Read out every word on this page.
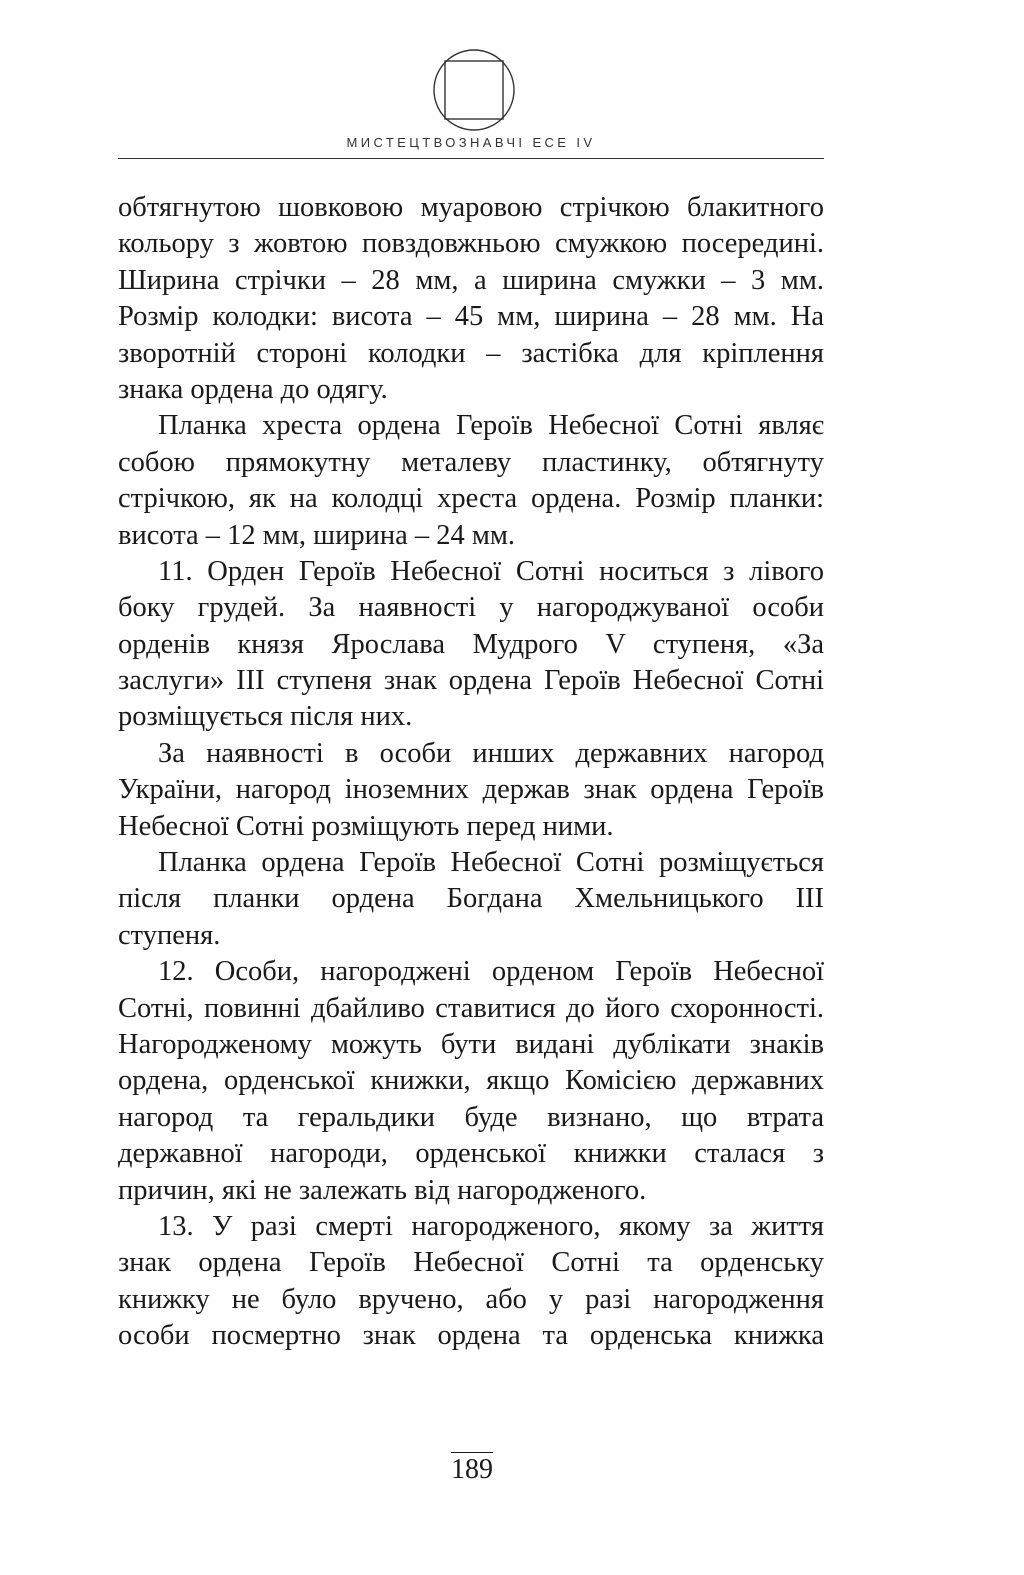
МИСТЕЦТВОЗНАВЧІ ЕСЕ IV
обтягнутою шовковою муаровою стрічкою блакитного
кольору з жовтою повздовжньою смужкою посередині.
Ширина стрічки – 28 мм, а ширина смужки – 3 мм.
Розмір колодки: висота – 45 мм, ширина – 28 мм. На
зворотній стороні колодки – застібка для кріплення
знака ордена до одягу.
Планка хреста ордена Героїв Небесної Сотні являє
собою прямокутну металеву пластинку, обтягнуту
стрічкою, як на колодці хреста ордена. Розмір планки:
висота – 12 мм, ширина – 24 мм.
11. Орден Героїв Небесної Сотні носиться з лівого
боку грудей. За наявності у нагороджуваної особи
орденів князя Ярослава Мудрого V ступеня, «За
заслуги» III ступеня знак ордена Героїв Небесної Сотні
розміщується після них.
За наявності в особи инших державних нагород
України, нагород іноземних держав знак ордена Героїв
Небесної Сотні розміщують перед ними.
Планка ордена Героїв Небесної Сотні розміщується
після планки ордена Богдана Хмельницького III
ступеня.
12. Особи, нагороджені орденом Героїв Небесної
Сотні, повинні дбайливо ставитися до його схоронності.
Нагородженому можуть бути видані дублікати знаків
ордена, орденської книжки, якщо Комісією державних
нагород та геральдики буде визнано, що втрата
державної нагороди, орденської книжки сталася з
причин, які не залежать від нагородженого.
13. У разі смерті нагородженого, якому за життя
знак ордена Героїв Небесної Сотні та орденську
книжку не було вручено, або у разі нагородження
особи посмертно знак ордена та орденська книжка
189
